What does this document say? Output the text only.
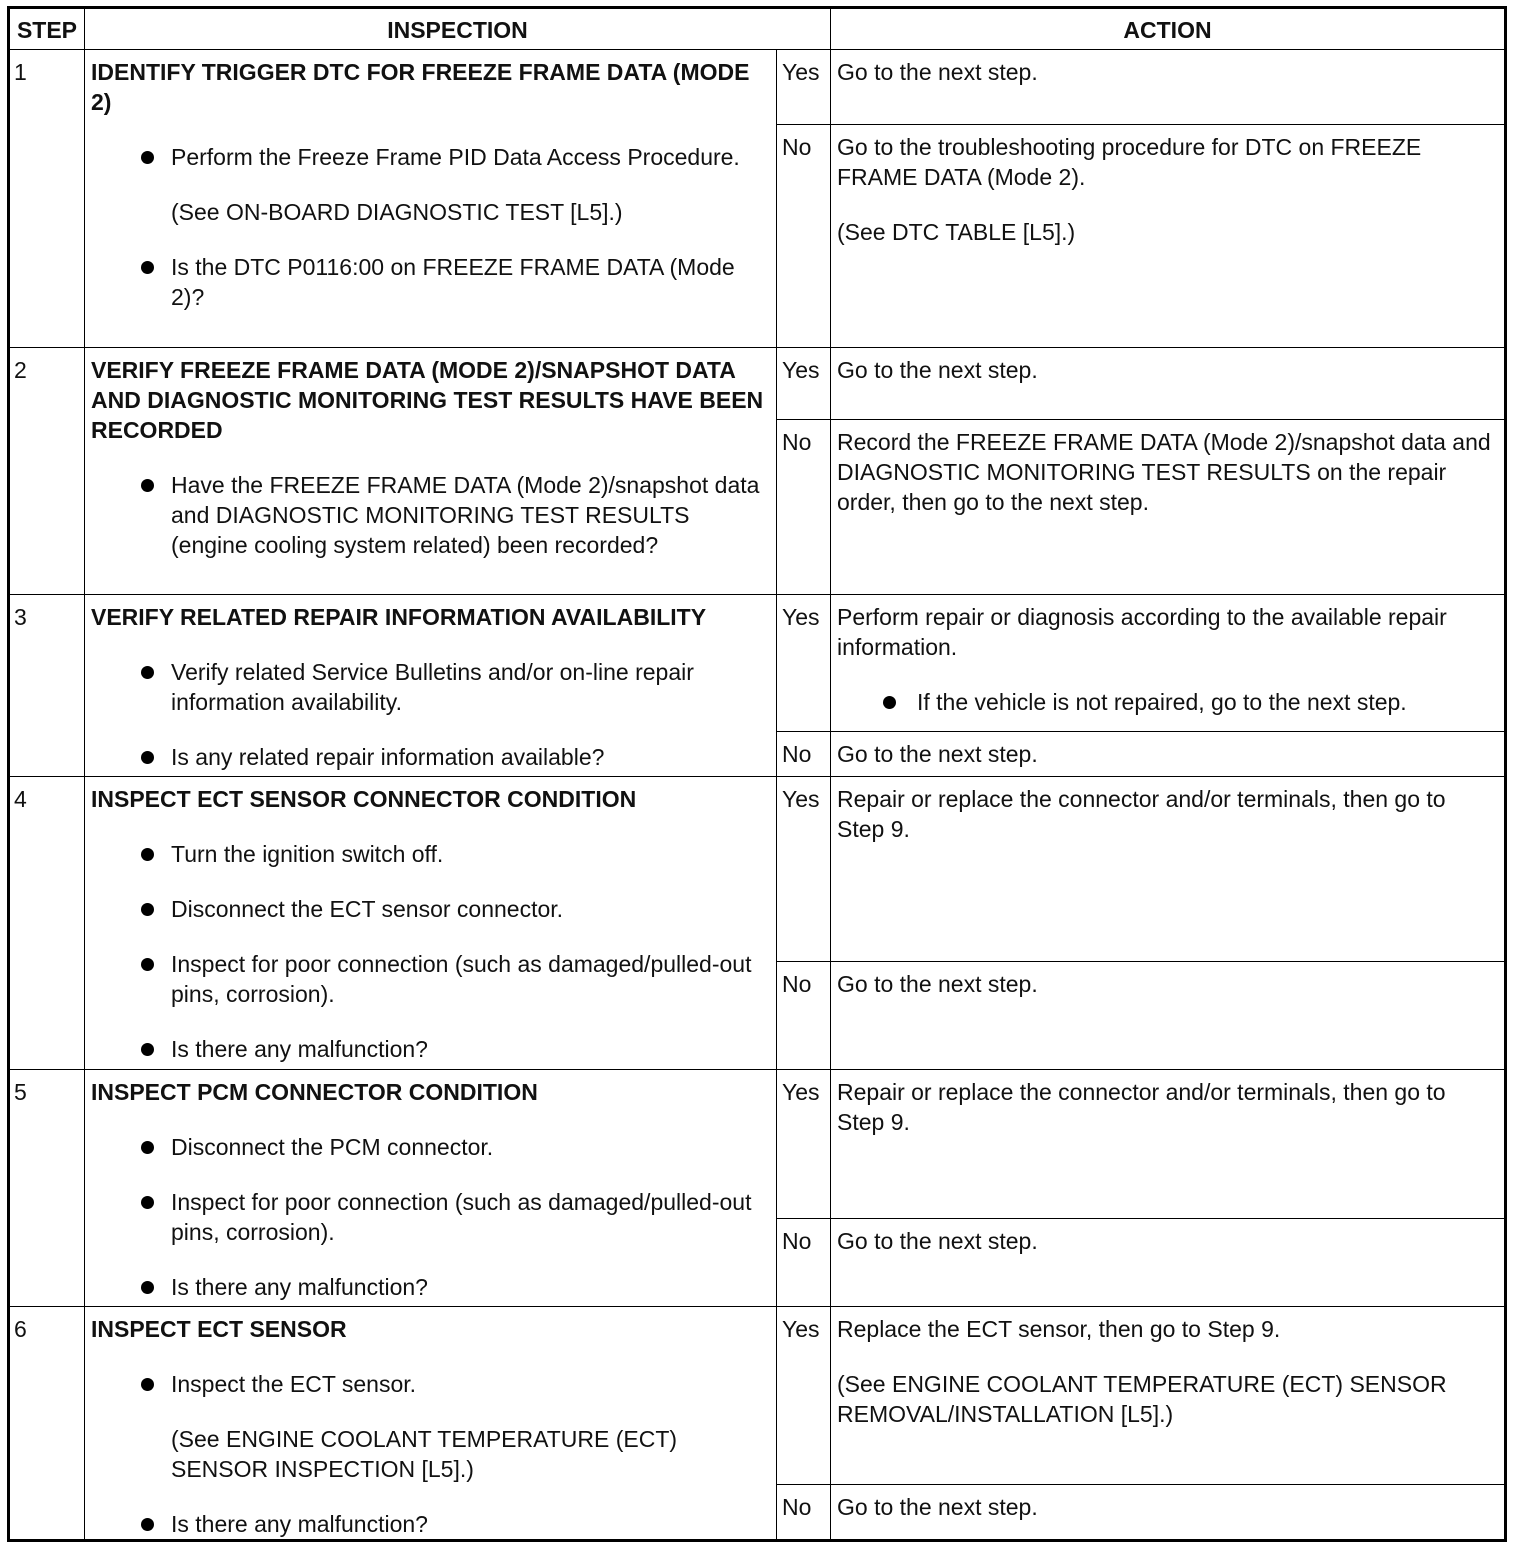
STEP	INSPECTION	ACTION
1	IDENTIFY TRIGGER DTC FOR FREEZE FRAME DATA (MODE 2)
Perform the Freeze Frame PID Data Access Procedure.
(See ON-BOARD DIAGNOSTIC TEST [L5].)
Is the DTC P0116:00 on FREEZE FRAME DATA (Mode 2)?
Yes Go to the next step.
No	Go to the troubleshooting procedure for DTC on FREEZE FRAME DATA (Mode 2).
(See DTC TABLE [L5].)
2	VERIFY FREEZE FRAME DATA (MODE 2)/SNAPSHOT DATA AND DIAGNOSTIC MONITORING TEST RESULTS HAVE BEEN RECORDED
Have the FREEZE FRAME DATA (Mode 2)/snapshot data and DIAGNOSTIC MONITORING TEST RESULTS (engine cooling system related) been recorded?
Yes Go to the next step.
No	Record the FREEZE FRAME DATA (Mode 2)/snapshot data and DIAGNOSTIC MONITORING TEST RESULTS on the repair order, then go to the next step.
3	VERIFY RELATED REPAIR INFORMATION AVAILABILITY
Verify related Service Bulletins and/or on-line repair information availability.
Is any related repair information available?
Yes Perform repair or diagnosis according to the available repair information.
If the vehicle is not repaired, go to the next step.
No	Go to the next step.
4	INSPECT ECT SENSOR CONNECTOR CONDITION
Turn the ignition switch off.
Disconnect the ECT sensor connector.
Inspect for poor connection (such as damaged/pulled-out pins, corrosion).
Is there any malfunction?
Yes Repair or replace the connector and/or terminals, then go to Step 9.
No	Go to the next step.
5	INSPECT PCM CONNECTOR CONDITION
Disconnect the PCM connector.
Inspect for poor connection (such as damaged/pulled-out pins, corrosion).
Is there any malfunction?
Yes Repair or replace the connector and/or terminals, then go to Step 9.
No	Go to the next step.
6	INSPECT ECT SENSOR
Inspect the ECT sensor.
(See ENGINE COOLANT TEMPERATURE (ECT) SENSOR INSPECTION [L5].)
Is there any malfunction?
Yes Replace the ECT sensor, then go to Step 9.
(See ENGINE COOLANT TEMPERATURE (ECT) SENSOR REMOVAL/INSTALLATION [L5].)
No	Go to the next step.
